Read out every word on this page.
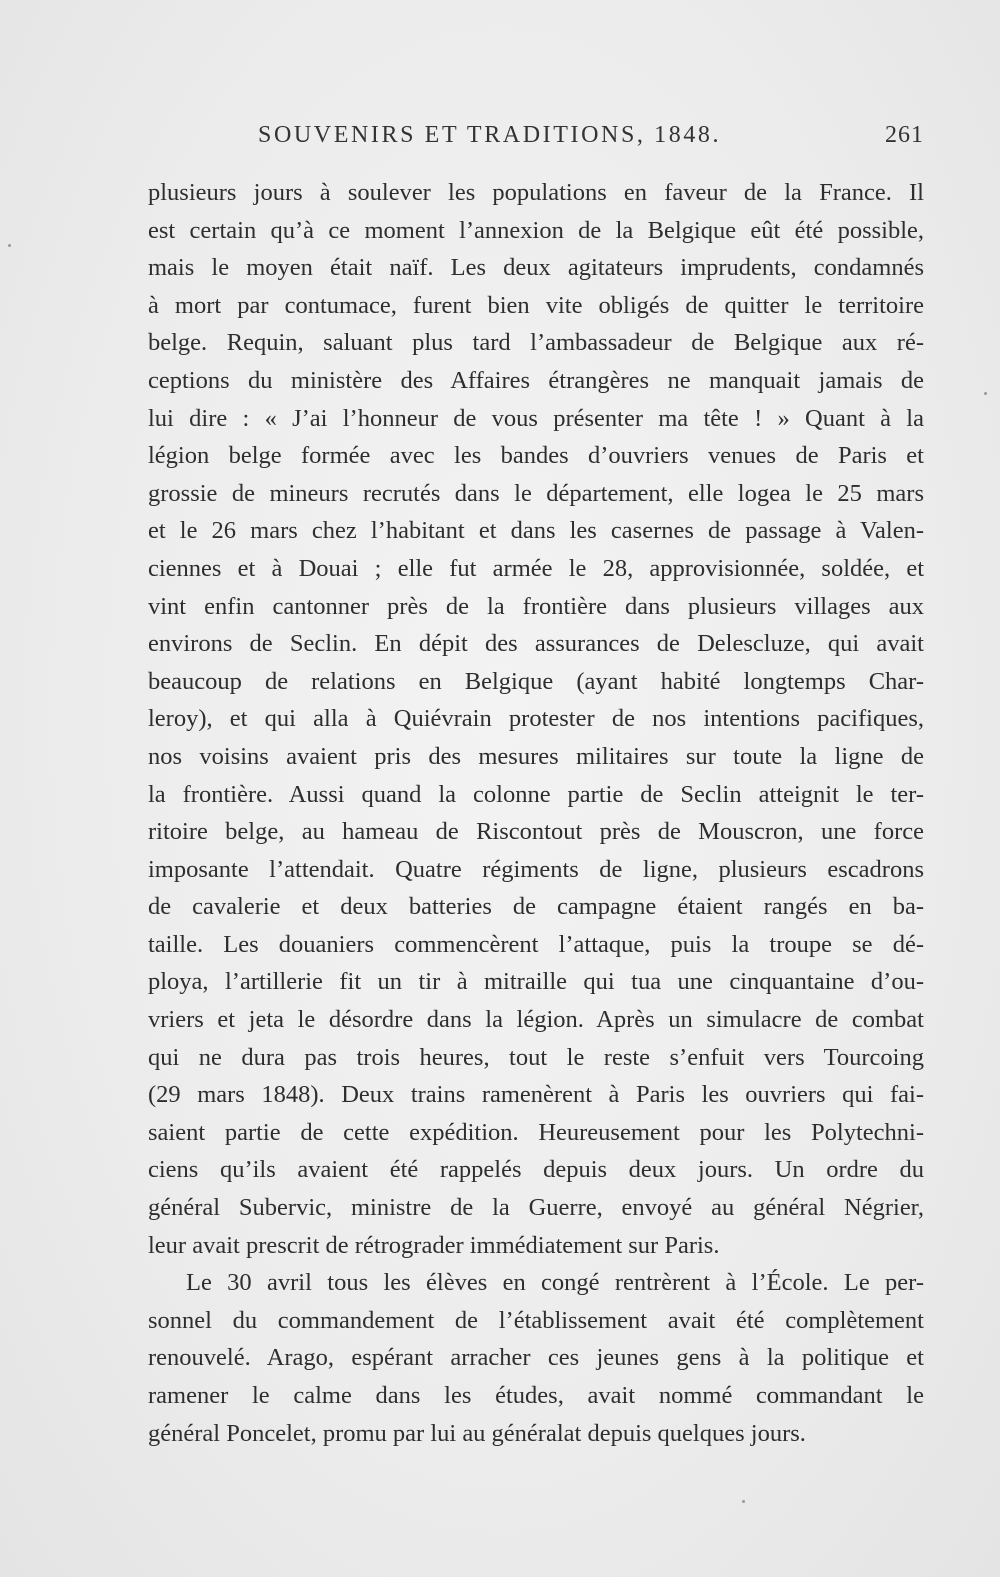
SOUVENIRS ET TRADITIONS, 1848.	261
plusieurs jours à soulever les populations en faveur de la France. Il
est certain qu’à ce moment l’annexion de la Belgique eût été possible,
mais le moyen était naïf. Les deux agitateurs imprudents, condamnés
à mort par contumace, furent bien vite obligés de quitter le territoire
belge. Requin, saluant plus tard l’ambassadeur de Belgique aux ré-
ceptions du ministère des Affaires étrangères ne manquait jamais de
lui dire : « J’ai l’honneur de vous présenter ma tête ! » Quant à la
légion belge formée avec les bandes d’ouvriers venues de Paris et
grossie de mineurs recrutés dans le département, elle logea le 25 mars
et le 26 mars chez l’habitant et dans les casernes de passage à Valen-
ciennes et à Douai ; elle fut armée le 28, approvisionnée, soldée, et
vint enfin cantonner près de la frontière dans plusieurs villages aux
environs de Seclin. En dépit des assurances de Delescluze, qui avait
beaucoup de relations en Belgique (ayant habité longtemps Char-
leroy), et qui alla à Quiévrain protester de nos intentions pacifiques,
nos voisins avaient pris des mesures militaires sur toute la ligne de
la frontière. Aussi quand la colonne partie de Seclin atteignit le ter-
ritoire belge, au hameau de Riscontout près de Mouscron, une force
imposante l’attendait. Quatre régiments de ligne, plusieurs escadrons
de cavalerie et deux batteries de campagne étaient rangés en ba-
taille. Les douaniers commencèrent l’attaque, puis la troupe se dé-
ploya, l’artillerie fit un tir à mitraille qui tua une cinquantaine d’ou-
vriers et jeta le désordre dans la légion. Après un simulacre de combat
qui ne dura pas trois heures, tout le reste s’enfuit vers Tourcoing
(29 mars 1848). Deux trains ramenèrent à Paris les ouvriers qui fai-
saient partie de cette expédition. Heureusement pour les Polytechni-
ciens qu’ils avaient été rappelés depuis deux jours. Un ordre du
général Subervic, ministre de la Guerre, envoyé au général Négrier,
leur avait prescrit de rétrograder immédiatement sur Paris.
Le 30 avril tous les élèves en congé rentrèrent à l’École. Le per-
sonnel du commandement de l’établissement avait été complètement
renouvelé. Arago, espérant arracher ces jeunes gens à la politique et
ramener le calme dans les études, avait nommé commandant le
général Poncelet, promu par lui au généralat depuis quelques jours.
